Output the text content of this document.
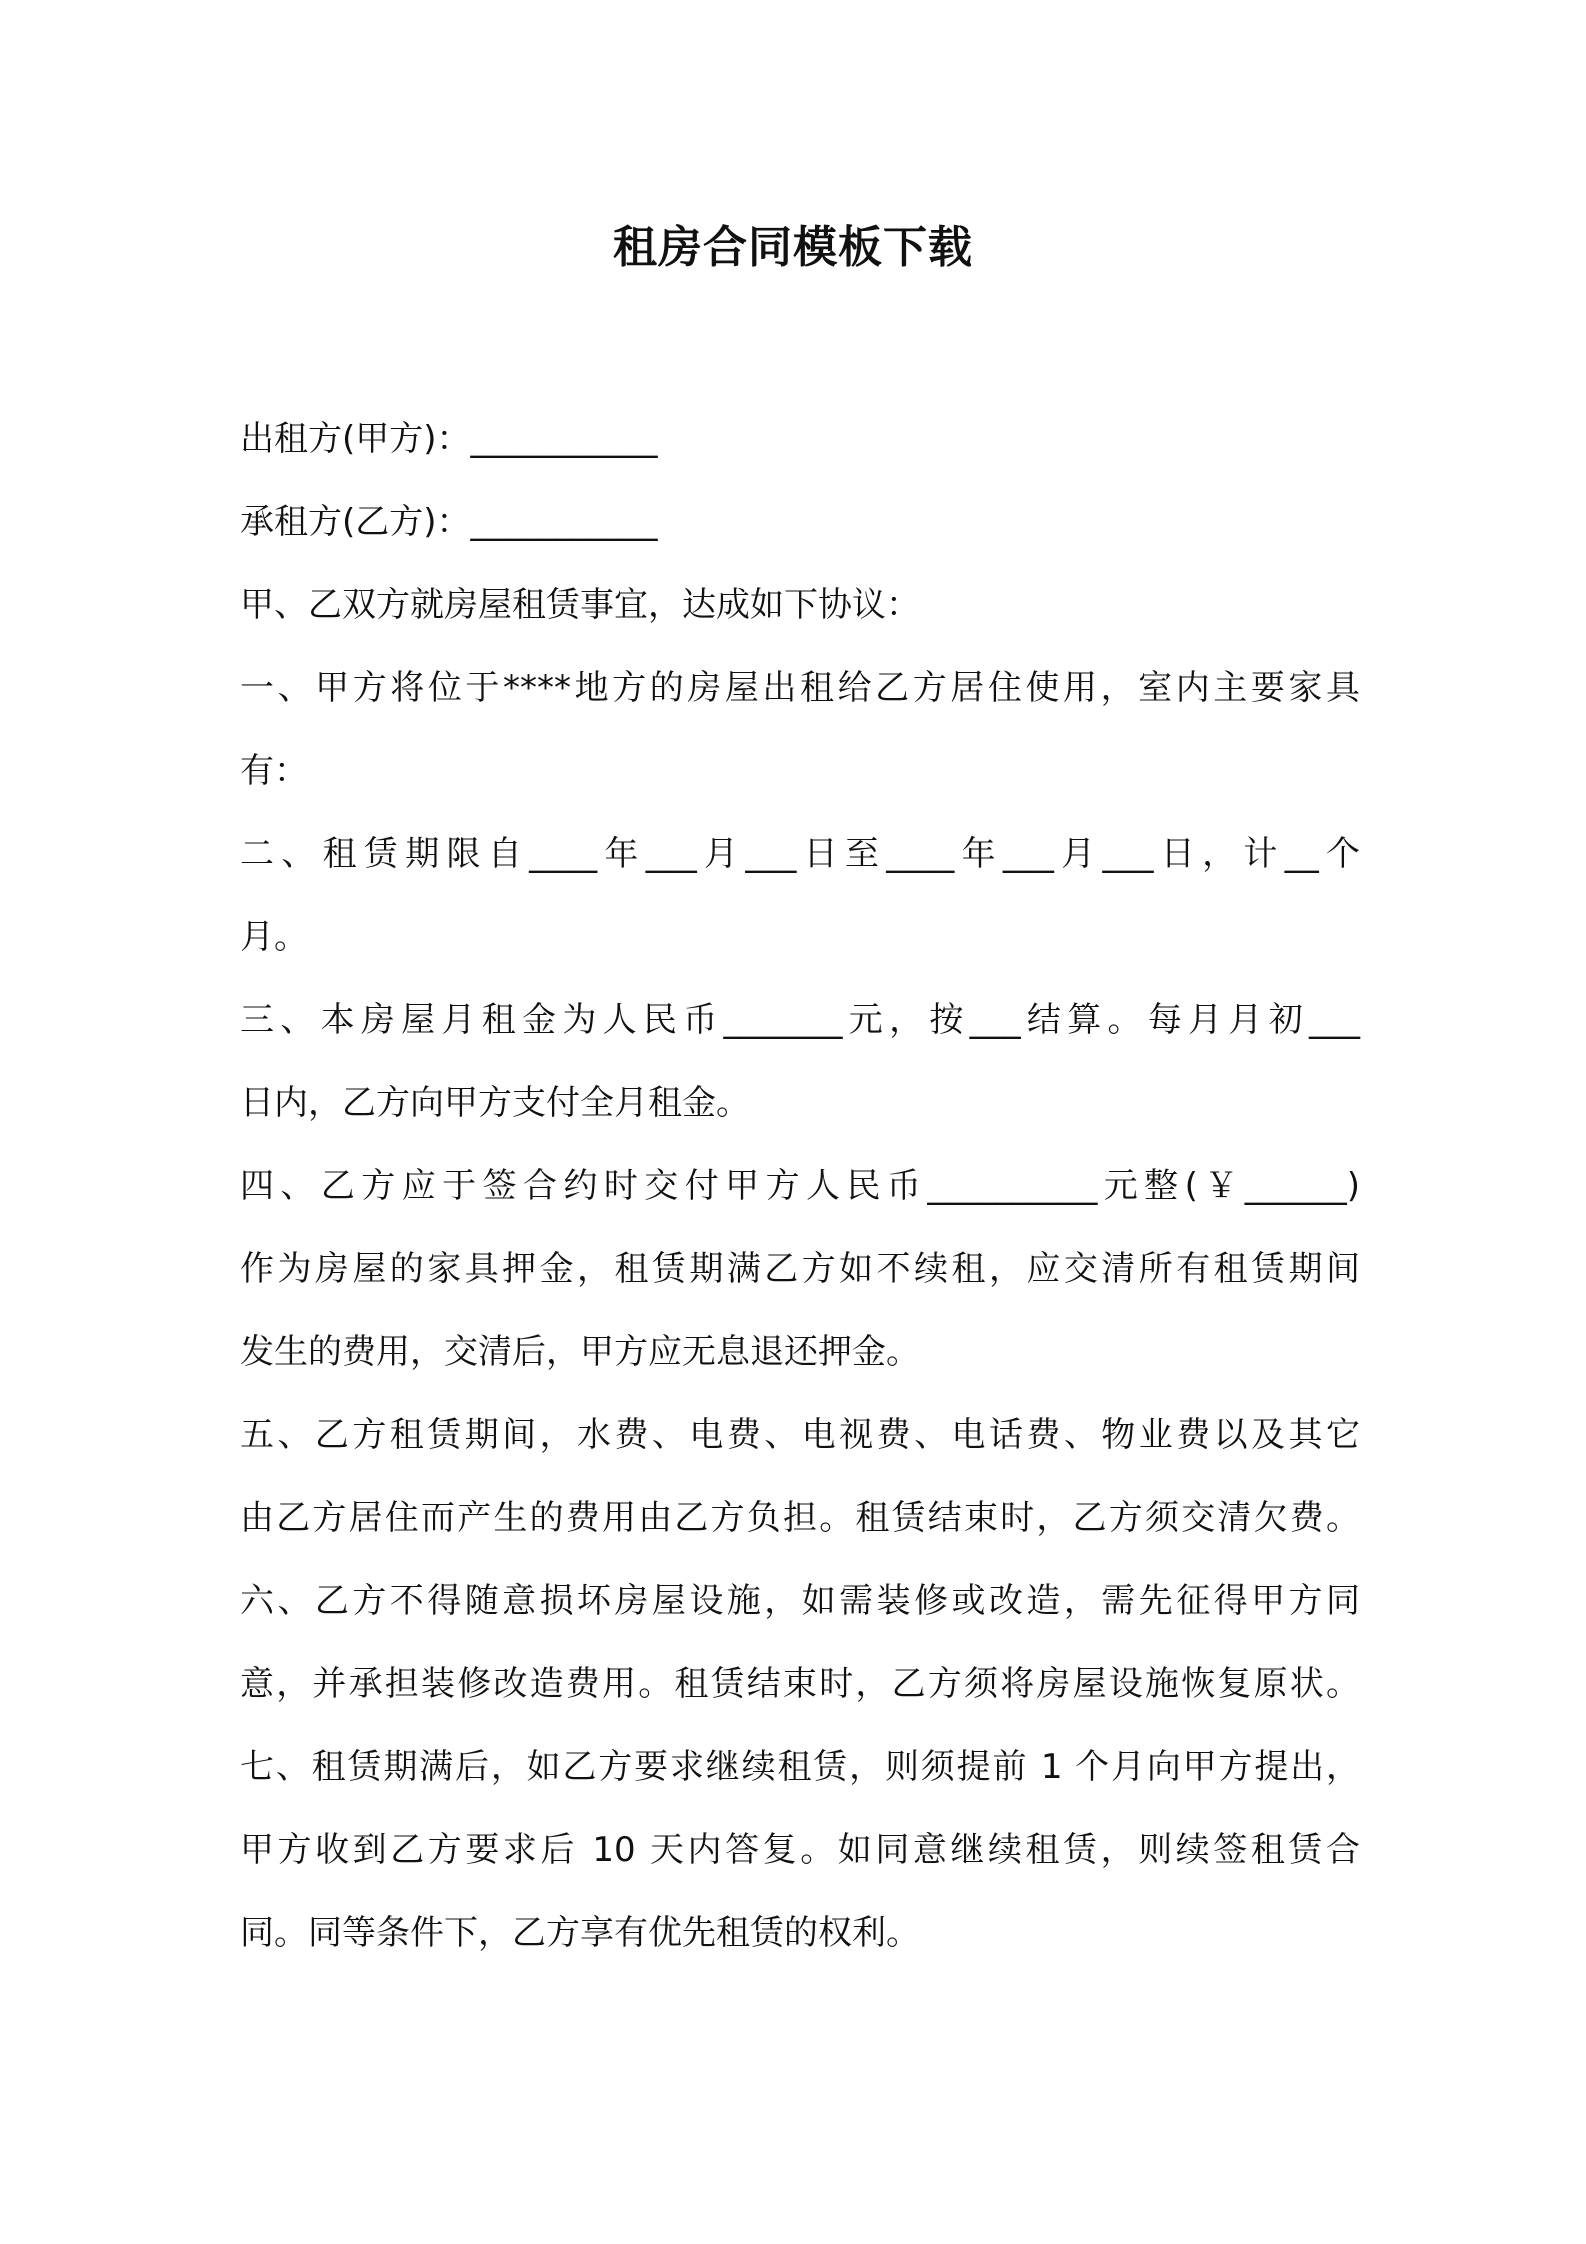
租房合同模板下载
出租方(甲方)：___________
承租方(乙方)：___________
甲、乙双方就房屋租赁事宜，达成如下协议：
一、甲方将位于****地方的房屋出租给乙方居住使用，室内主要家具
有：
二、租赁期限自____年___月___日至____年___月___日，计__个
月。
三、本房屋月租金为人民币_______元，按___结算。每月月初___
日内，乙方向甲方支付全月租金。
四、乙方应于签合约时交付甲方人民币__________元整(￥______)
作为房屋的家具押金，租赁期满乙方如不续租，应交清所有租赁期间
发生的费用，交清后，甲方应无息退还押金。
五、乙方租赁期间，水费、电费、电视费、电话费、物业费以及其它
由乙方居住而产生的费用由乙方负担。租赁结束时，乙方须交清欠费。
六、乙方不得随意损坏房屋设施，如需装修或改造，需先征得甲方同
意，并承担装修改造费用。租赁结束时，乙方须将房屋设施恢复原状。
七、租赁期满后，如乙方要求继续租赁，则须提前 1 个月向甲方提出，
甲方收到乙方要求后 10 天内答复。如同意继续租赁，则续签租赁合
同。同等条件下，乙方享有优先租赁的权利。
